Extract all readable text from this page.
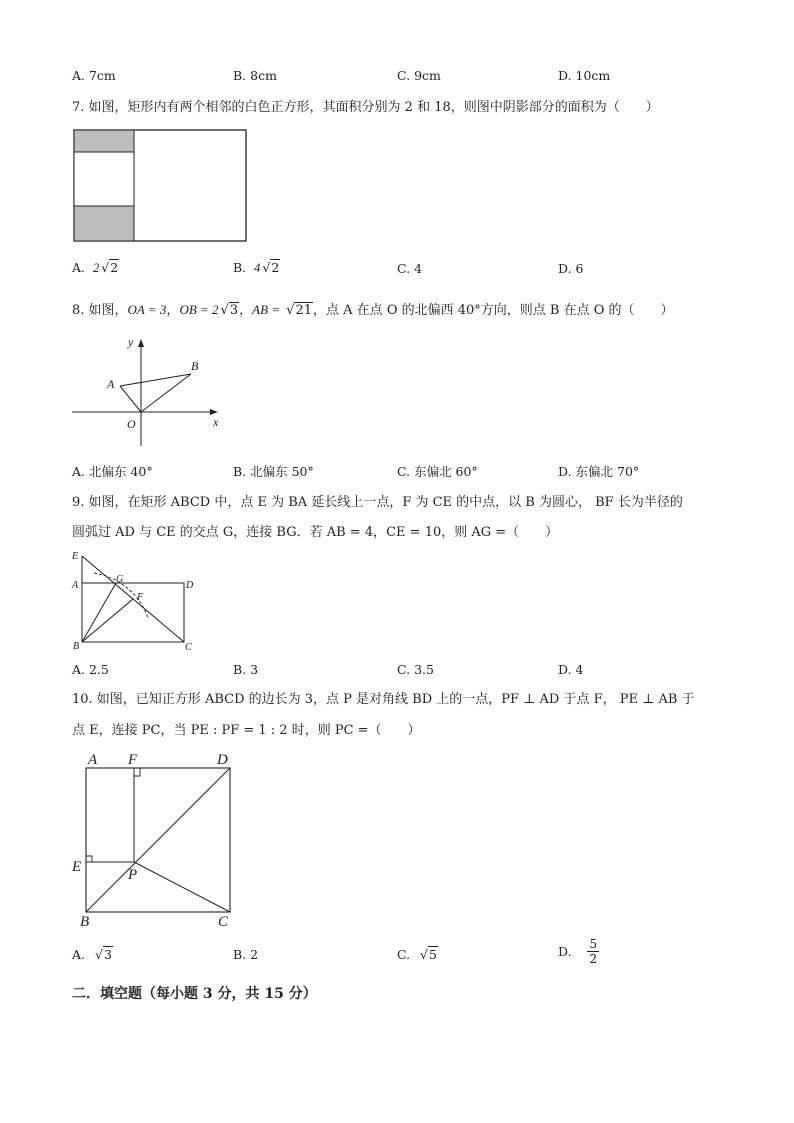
A. 7cm	B. 8cm	C. 9cm	D. 10cm
7. 如图，矩形内有两个相邻的白色正方形，其面积分别为 2 和 18，则图中阴影部分的面积为（　　）
A. 2 √2	B. 4 √2	C. 4	D. 6
8. 如图，OA = 3，OB = 2 √3，AB = √21，点 A 在点 O 的北偏西 40°方向，则点 B 在点 O 的（　　）
y
x
A
B
O
A. 北偏东 40°	B. 北偏东 50°	C. 东偏北 60°	D. 东偏北 70°
9. 如图，在矩形 ABCD 中，点 E 为 BA 延长线上一点，F 为 CE 的中点，以 B 为圆心， BF 长为半径的
圆弧过 AD 与 CE 的交点 G，连接 BG．若 AB = 4，CE = 10，则 AG =（　　）
E
A
G
D
F
B	C
A. 2.5	B. 3	C. 3.5	D. 4
10. 如图，已知正方形 ABCD 的边长为 3，点 P 是对角线 BD 上的一点，PF ⊥ AD 于点 F， PE ⊥ AB 于
点 E，连接 PC，当 PE : PF = 1 : 2 时，则 PC =（　　）
A F	D
E	P
B	C
A. √3	B. 2	C. √5	D. $\frac{5}{2}$
二．填空题（每小题 3 分，共 15 分）
